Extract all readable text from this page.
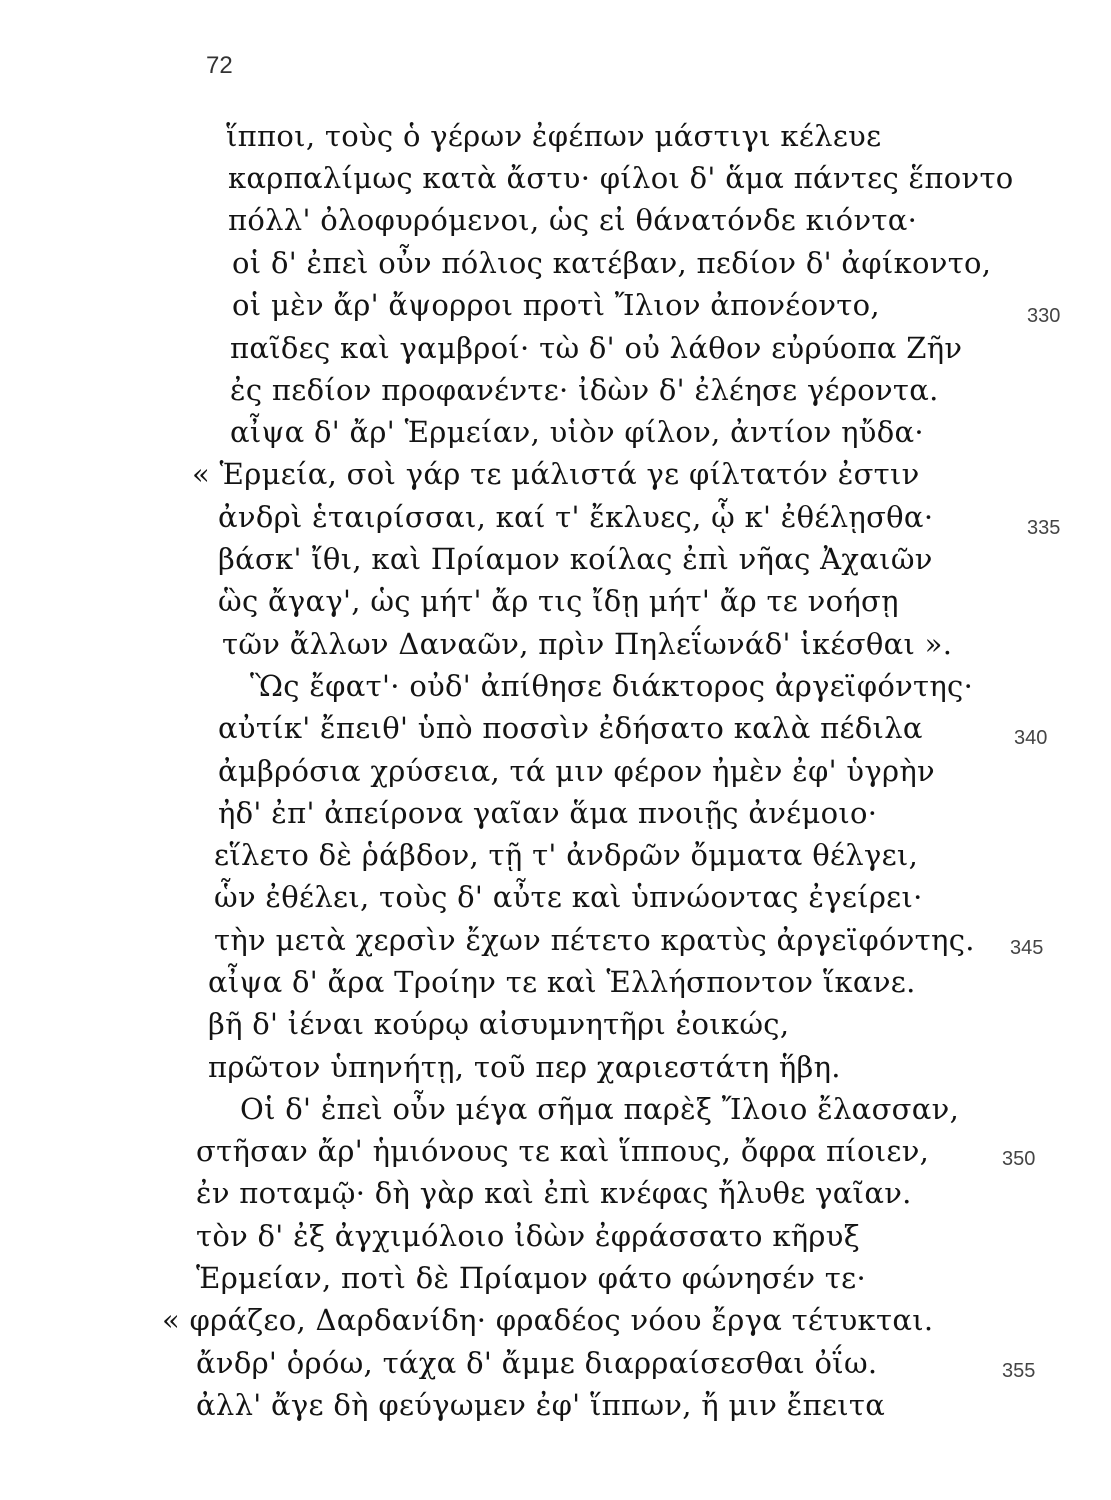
72
ἵπποι, τοὺς ὁ γέρων ἐφέπων μάστιγι κέλευε
καρπαλίμως κατὰ ἄστυ· φίλοι δ' ἅμα πάντες ἕποντο
πόλλ' ὀλοφυρόμενοι, ὡς εἰ θάνατόνδε κιόντα·
οἱ δ' ἐπεὶ οὖν πόλιος κατέβαν, πεδίον δ' ἀφίκοντο,
οἱ μὲν ἄρ' ἄψορροι προτὶ Ἴλιον ἀπονέοντο,
παῖδες καὶ γαμβροί· τὼ δ' οὐ λάθον εὐρύοπα Ζῆν
ἐς πεδίον προφανέντε· ἰδὼν δ' ἐλέησε γέροντα.
αἶψα δ' ἄρ' Ἑρμείαν, υἱὸν φίλον, ἀντίον ηὔδα·
« Ἑρμεία, σοὶ γάρ τε μάλιστά γε φίλτατόν ἐστιν
ἀνδρὶ ἑταιρίσσαι, καί τ' ἔκλυες, ᾧ κ' ἐθέλῃσθα·
βάσκ' ἴθι, καὶ Πρίαμον κοίλας ἐπὶ νῆας Ἀχαιῶν
ὣς ἄγαγ', ὡς μήτ' ἄρ τις ἴδῃ μήτ' ἄρ τε νοήσῃ
τῶν ἄλλων Δαναῶν, πρὶν Πηλεΐωνάδ' ἱκέσθαι ».
Ὣς ἔφατ'· οὐδ' ἀπίθησε διάκτορος ἀργεϊφόντης·
αὐτίκ' ἔπειθ' ὑπὸ ποσσὶν ἐδήσατο καλὰ πέδιλα
ἀμβρόσια χρύσεια, τά μιν φέρον ἠμὲν ἐφ' ὑγρὴν
ἠδ' ἐπ' ἀπείρονα γαῖαν ἅμα πνοιῇς ἀνέμοιο·
εἵλετο δὲ ῥάβδον, τῇ τ' ἀνδρῶν ὄμματα θέλγει,
ὧν ἐθέλει, τοὺς δ' αὖτε καὶ ὑπνώοντας ἐγείρει·
τὴν μετὰ χερσὶν ἔχων πέτετο κρατὺς ἀργεϊφόντης.
αἶψα δ' ἄρα Τροίην τε καὶ Ἑλλήσποντον ἵκανε.
βῆ δ' ἰέναι κούρῳ αἰσυμνητῆρι ἐοικώς,
πρῶτον ὑπηνήτῃ, τοῦ περ χαριεστάτη ἥβη.
Οἱ δ' ἐπεὶ οὖν μέγα σῆμα παρὲξ Ἴλοιο ἔλασσαν,
στῆσαν ἄρ' ἡμιόνους τε καὶ ἵππους, ὄφρα πίοιεν,
ἐν ποταμῷ· δὴ γὰρ καὶ ἐπὶ κνέφας ἤλυθε γαῖαν.
τὸν δ' ἐξ ἀγχιμόλοιο ἰδὼν ἐφράσσατο κῆρυξ
Ἑρμείαν, ποτὶ δὲ Πρίαμον φάτο φώνησέν τε·
« φράζεο, Δαρδανίδη· φραδέος νόου ἔργα τέτυκται.
ἄνδρ' ὁρόω, τάχα δ' ἄμμε διαρραίσεσθαι ὀΐω.
ἀλλ' ἄγε δὴ φεύγωμεν ἐφ' ἵππων, ἤ μιν ἔπειτα
330
335
340
345
350
355
